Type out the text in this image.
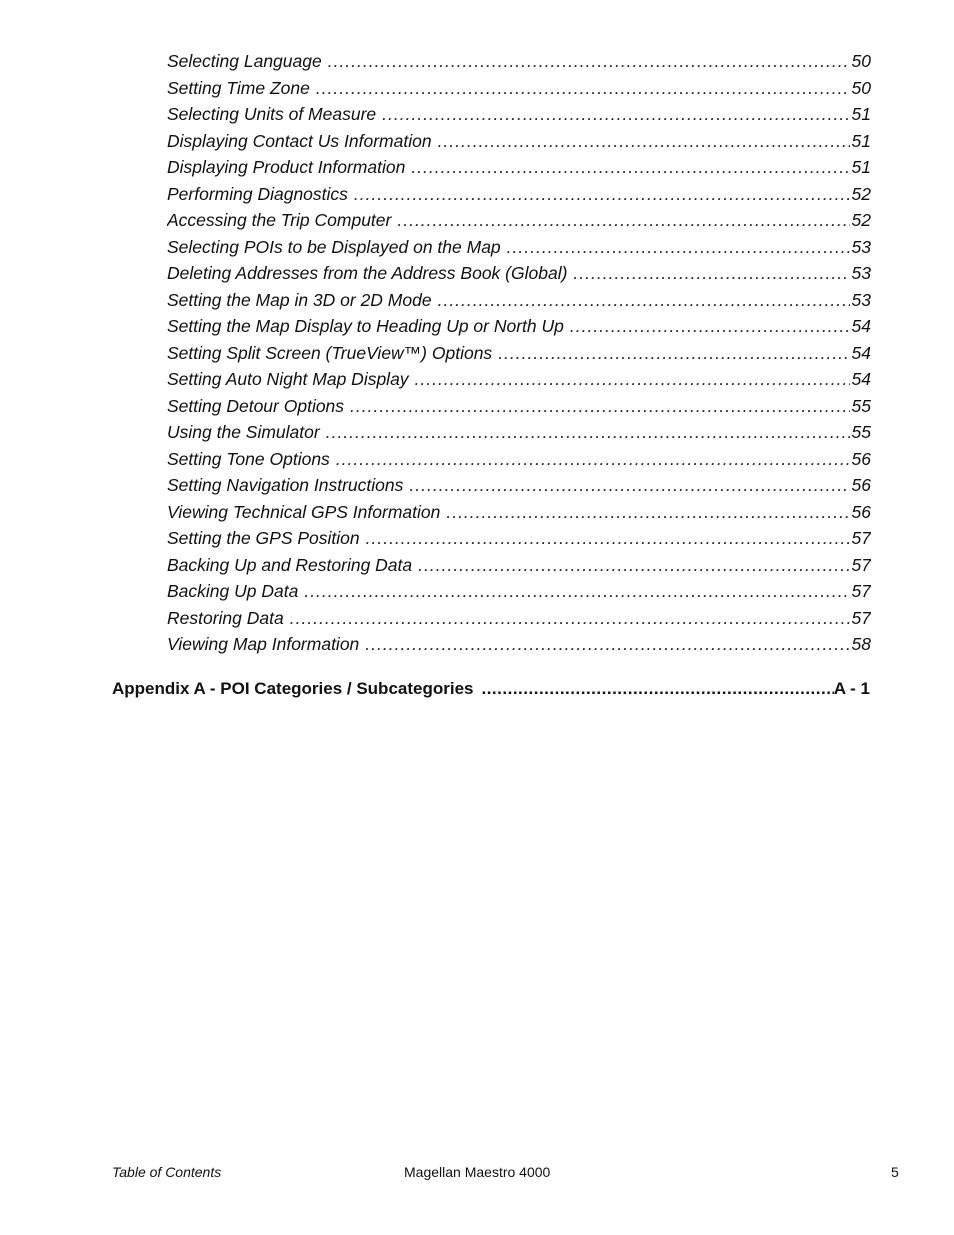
Selecting Language .....	50
Setting Time Zone .....	50
Selecting Units of Measure .....	51
Displaying Contact Us Information .....	51
Displaying Product Information .....	51
Performing Diagnostics .....	52
Accessing the Trip Computer .....	52
Selecting POIs to be Displayed on the Map .....	53
Deleting Addresses from the Address Book (Global) .....	53
Setting the Map in 3D or 2D Mode .....	53
Setting the Map Display to Heading Up or North Up .....	54
Setting Split Screen (TrueView™) Options .....	54
Setting Auto Night Map Display .....	54
Setting Detour Options .....	55
Using the Simulator .....	55
Setting Tone Options .....	56
Setting Navigation Instructions .....	56
Viewing Technical GPS Information .....	56
Setting the GPS Position .....	57
Backing Up and Restoring Data .....	57
Backing Up Data .....	57
Restoring Data .....	57
Viewing Map Information .....	58
Appendix A - POI Categories / Subcategories .....	A - 1
Table of Contents	Magellan Maestro 4000	5
